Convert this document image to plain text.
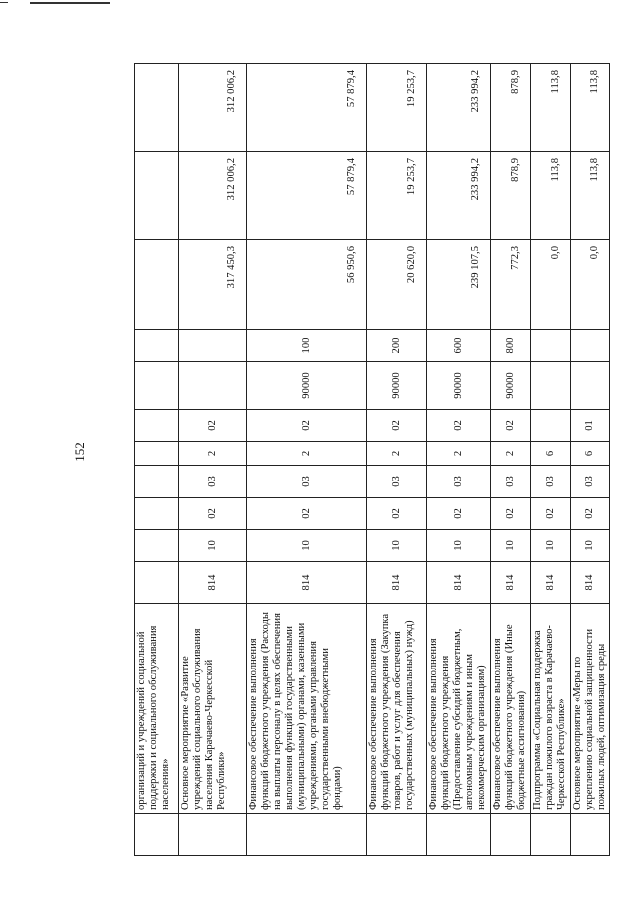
152
	организаций и учреждений социальной поддержки и социального обслуживания населения»											
	Основное мероприятие «Развитие учреждений социального обслуживания населения Карачаево-Черкесской Республики»	814	10	02	03	2	02			317 450,3	312 006,2	312 006,2
	Финансовое обеспечение выполнения функций бюджетного учреждения (Расходы на выплаты персоналу в целях обеспечения выполнения функций государственными (муниципальными) органами, казенными учреждениями, органами управления государственными внебюджетными фондами)	814	10	02	03	2	02	90000	100	56 950,6	57 879,4	57 879,4
	Финансовое обеспечение выполнения функций бюджетного учреждения (Закупка товаров, работ и услуг для обеспечения государственных (муниципальных) нужд)	814	10	02	03	2	02	90000	200	20 620,0	19 253,7	19 253,7
	Финансовое обеспечение выполнения функций бюджетного учреждения (Предоставление субсидий бюджетным, автономным учреждениям и иным некоммерческим организациям)	814	10	02	03	2	02	90000	600	239 107,5	233 994,2	233 994,2
	Финансовое обеспечение выполнения функций бюджетного учреждения (Иные бюджетные ассигнования)	814	10	02	03	2	02	90000	800	772,3	878,9	878,9
	Подпрограмма «Социальная поддержка граждан пожилого возраста в Карачаево-Черкесской Республике»	814	10	02	03	6				0,0	113,8	113,8
	Основное мероприятие «Меры по укреплению социальной защищенности пожилых людей, оптимизация среды	814	10	02	03	6	01			0,0	113,8	113,8
